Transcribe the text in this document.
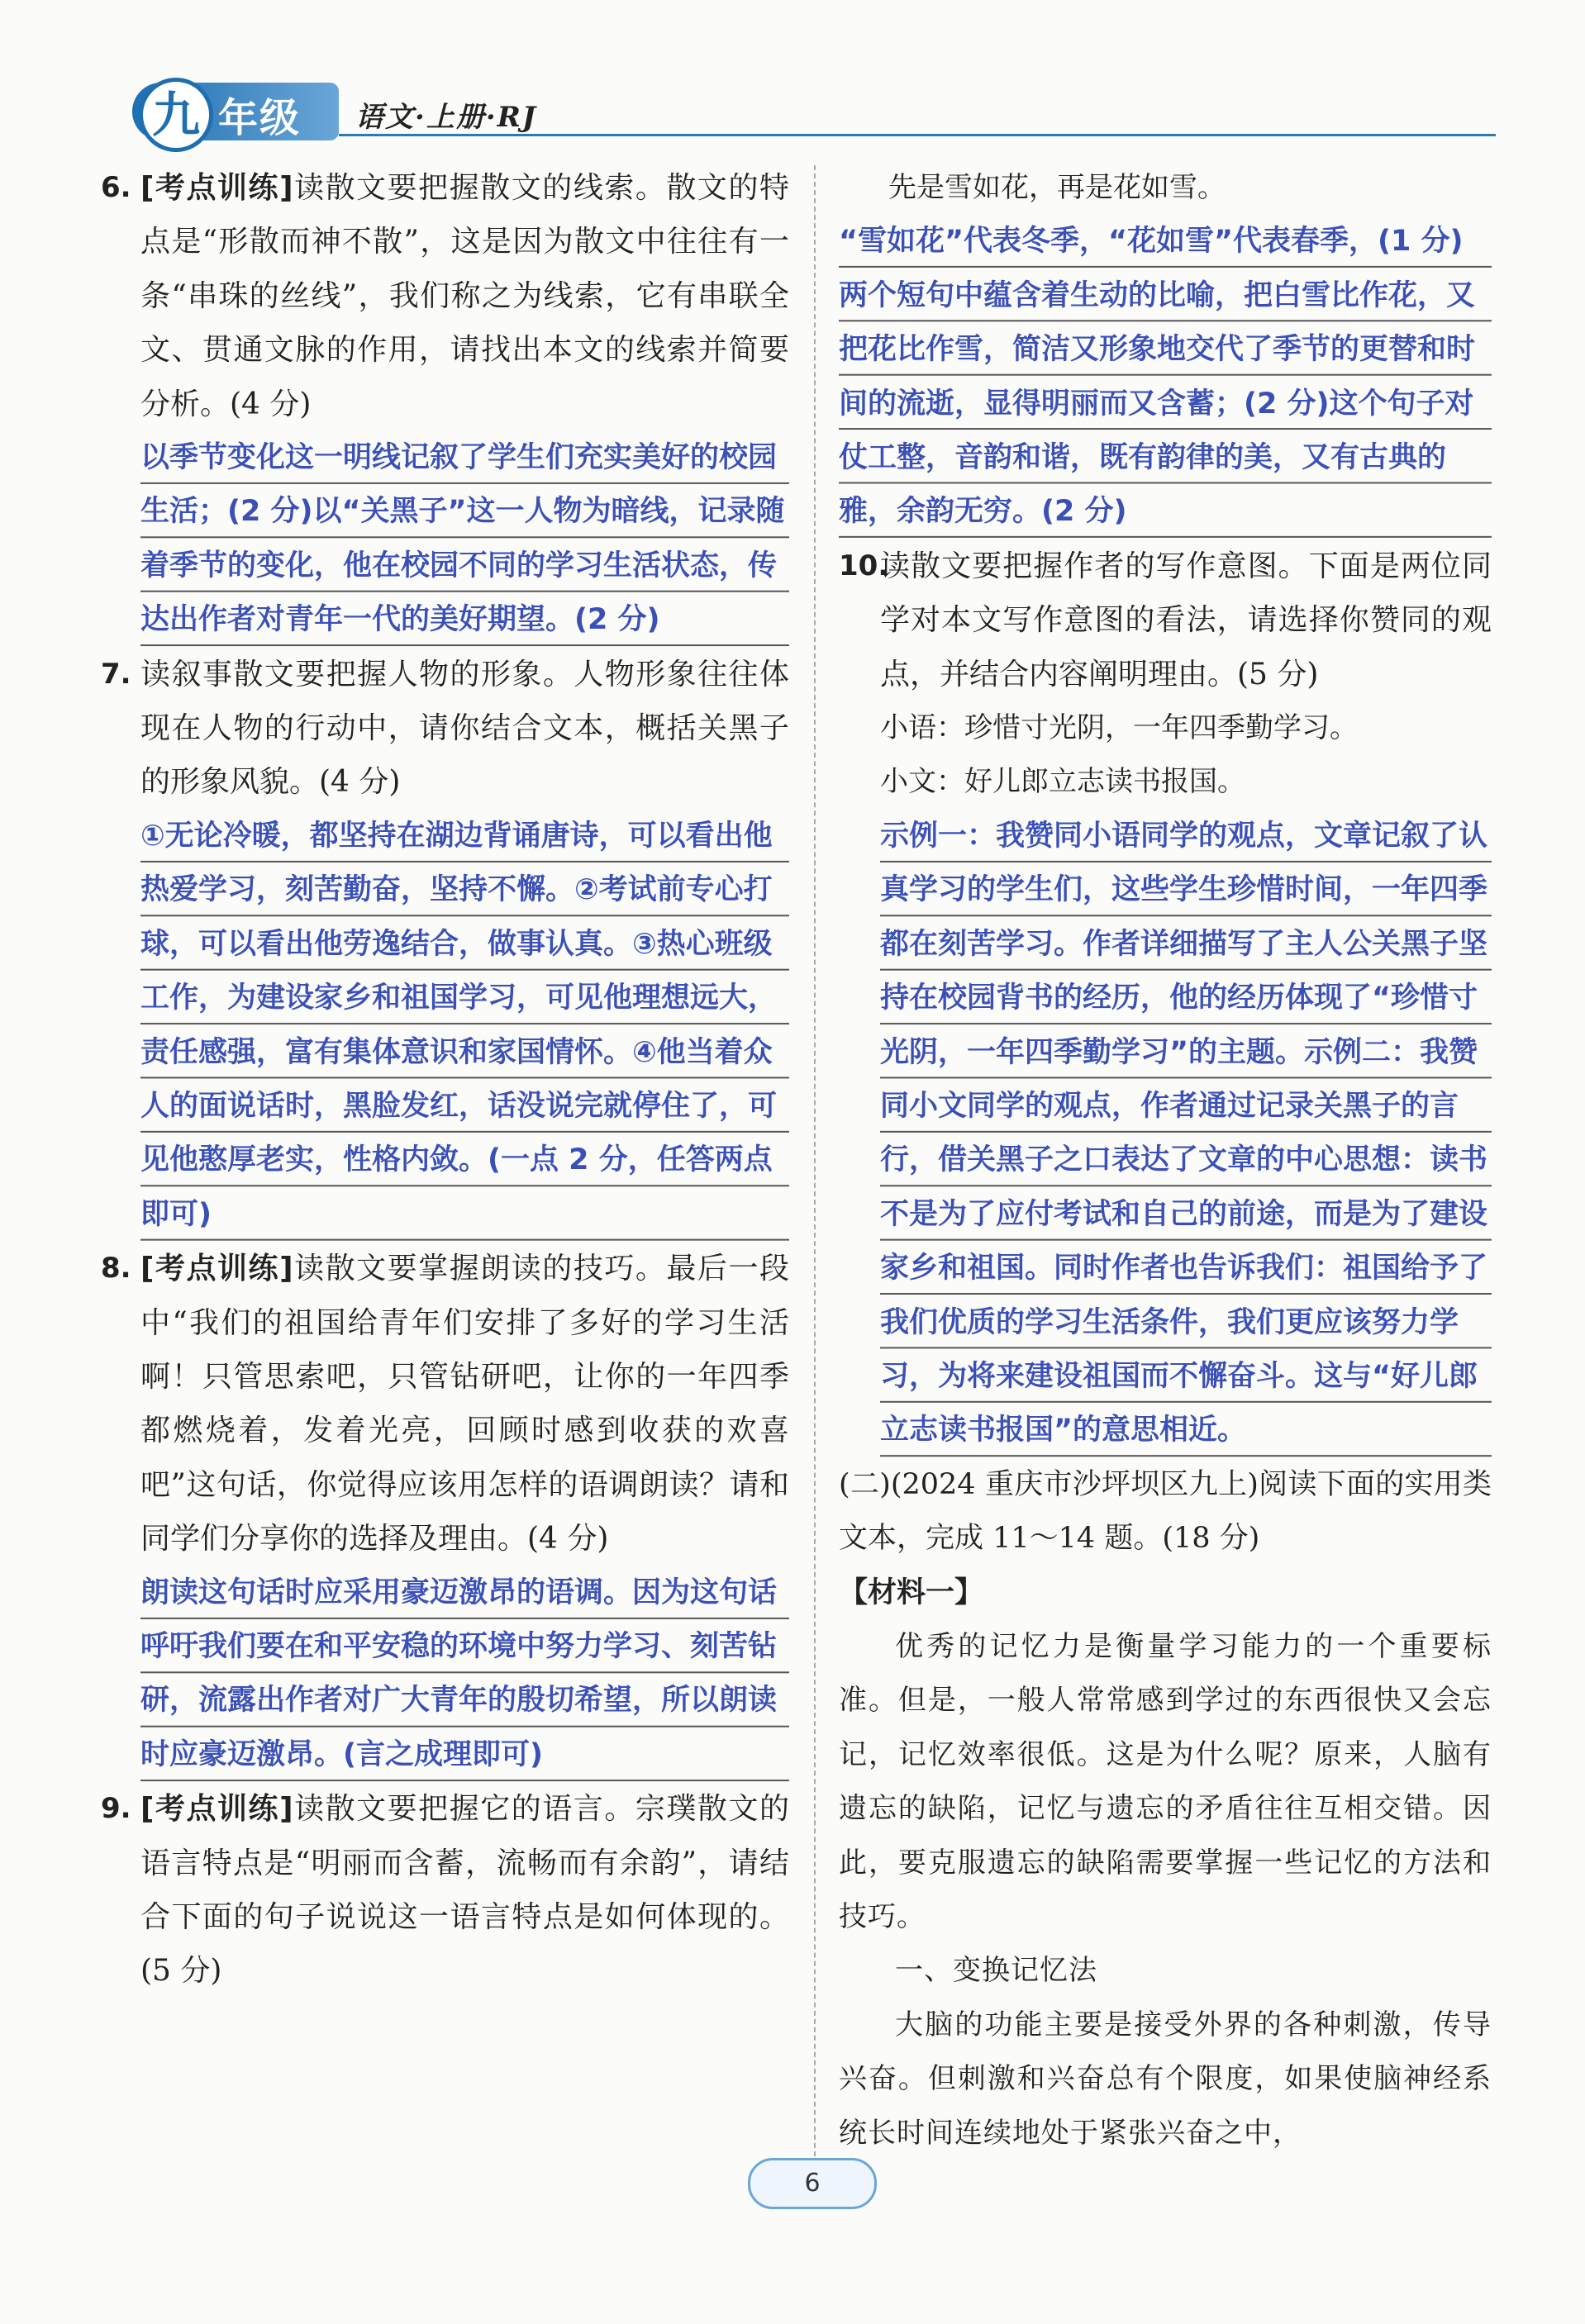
九 年级 语文·上册·RJ
6. [考点训练]读散文要把握散文的线索。散文的特点是“形散而神不散”，这是因为散文中往往有一条“串珠的丝线”，我们称之为线索，它有串联全文、贯通文脉的作用，请找出本文的线索并简要分析。(4 分)

以季节变化这一明线记叙了学生们充实美好的校园生活；(2 分)以“关黑子”这一人物为暗线，记录随着季节的变化，他在校园不同的学习生活状态，传达出作者对青年一代的美好期望。(2 分)

7. 读叙事散文要把握人物的形象。人物形象往往体现在人物的行动中，请你结合文本，概括关黑子的形象风貌。(4 分)

①无论冷暖，都坚持在湖边背诵唐诗，可以看出他热爱学习，刻苦勤奋，坚持不懈。②考试前专心打球，可以看出他劳逸结合，做事认真。③热心班级工作，为建设家乡和祖国学习，可见他理想远大，责任感强，富有集体意识和家国情怀。④他当着众人的面说话时，黑脸发红，话没说完就停住了，可见他憨厚老实，性格内敛。(一点 2 分，任答两点即可)

8. [考点训练]读散文要掌握朗读的技巧。最后一段中“我们的祖国给青年们安排了多好的学习生活啊！只管思索吧，只管钻研吧，让你的一年四季都燃烧着，发着光亮，回顾时感到收获的欢喜吧”这句话，你觉得应该用怎样的语调朗读？请和同学们分享你的选择及理由。(4 分)

朗读这句话时应采用豪迈激昂的语调。因为这句话呼吁我们要在和平安稳的环境中努力学习、刻苦钻研，流露出作者对广大青年的殷切希望，所以朗读时应豪迈激昂。(言之成理即可)

9. [考点训练]读散文要把握它的语言。宗璞散文的语言特点是“明丽而含蓄，流畅而有余韵”，请结合下面的句子说说这一语言特点是如何体现的。(5 分)

先是雪如花，再是花如雪。

“雪如花”代表冬季，“花如雪”代表春季，(1 分)两个短句中蕴含着生动的比喻，把白雪比作花，又把花比作雪，简洁又形象地交代了季节的更替和时间的流逝，显得明丽而又含蓄；(2 分)这个句子对仗工整，音韵和谐，既有韵律的美，又有古典的雅，余韵无穷。(2 分)

10.

读散文要把握作者的写作意图。下面是两位同学对本文写作意图的看法，请选择你赞同的观点，并结合内容阐明理由。(5 分)

小语：珍惜寸光阴，一年四季勤学习。

小文：好儿郎立志读书报国。

示例一：我赞同小语同学的观点，文章记叙了认真学习的学生们，这些学生珍惜时间，一年四季都在刻苦学习。作者详细描写了主人公关黑子坚持在校园背书的经历，他的经历体现了“珍惜寸光阴，一年四季勤学习”的主题。示例二：我赞同小文同学的观点，作者通过记录关黑子的言行，借关黑子之口表达了文章的中心思想：读书不是为了应付考试和自己的前途，而是为了建设家乡和祖国。同时作者也告诉我们：祖国给予了我们优质的学习生活条件，我们更应该努力学习，为将来建设祖国而不懈奋斗。这与“好儿郎立志读书报国”的意思相近。

(二)(2024 重庆市沙坪坝区九上)阅读下面的实用类文本，完成 11～14 题。(18 分)

【材料一】

优秀的记忆力是衡量学习能力的一个重要标准。但是，一般人常常感到学过的东西很快又会忘记，记忆效率很低。这是为什么呢？原来，人脑有遗忘的缺陷，记忆与遗忘的矛盾往往互相交错。因此，要克服遗忘的缺陷需要掌握一些记忆的方法和技巧。

一、变换记忆法

大脑的功能主要是接受外界的各种刺激，传导兴奋。但刺激和兴奋总有个限度，如果使脑神经系统长时间连续地处于紧张兴奋之中，

6
